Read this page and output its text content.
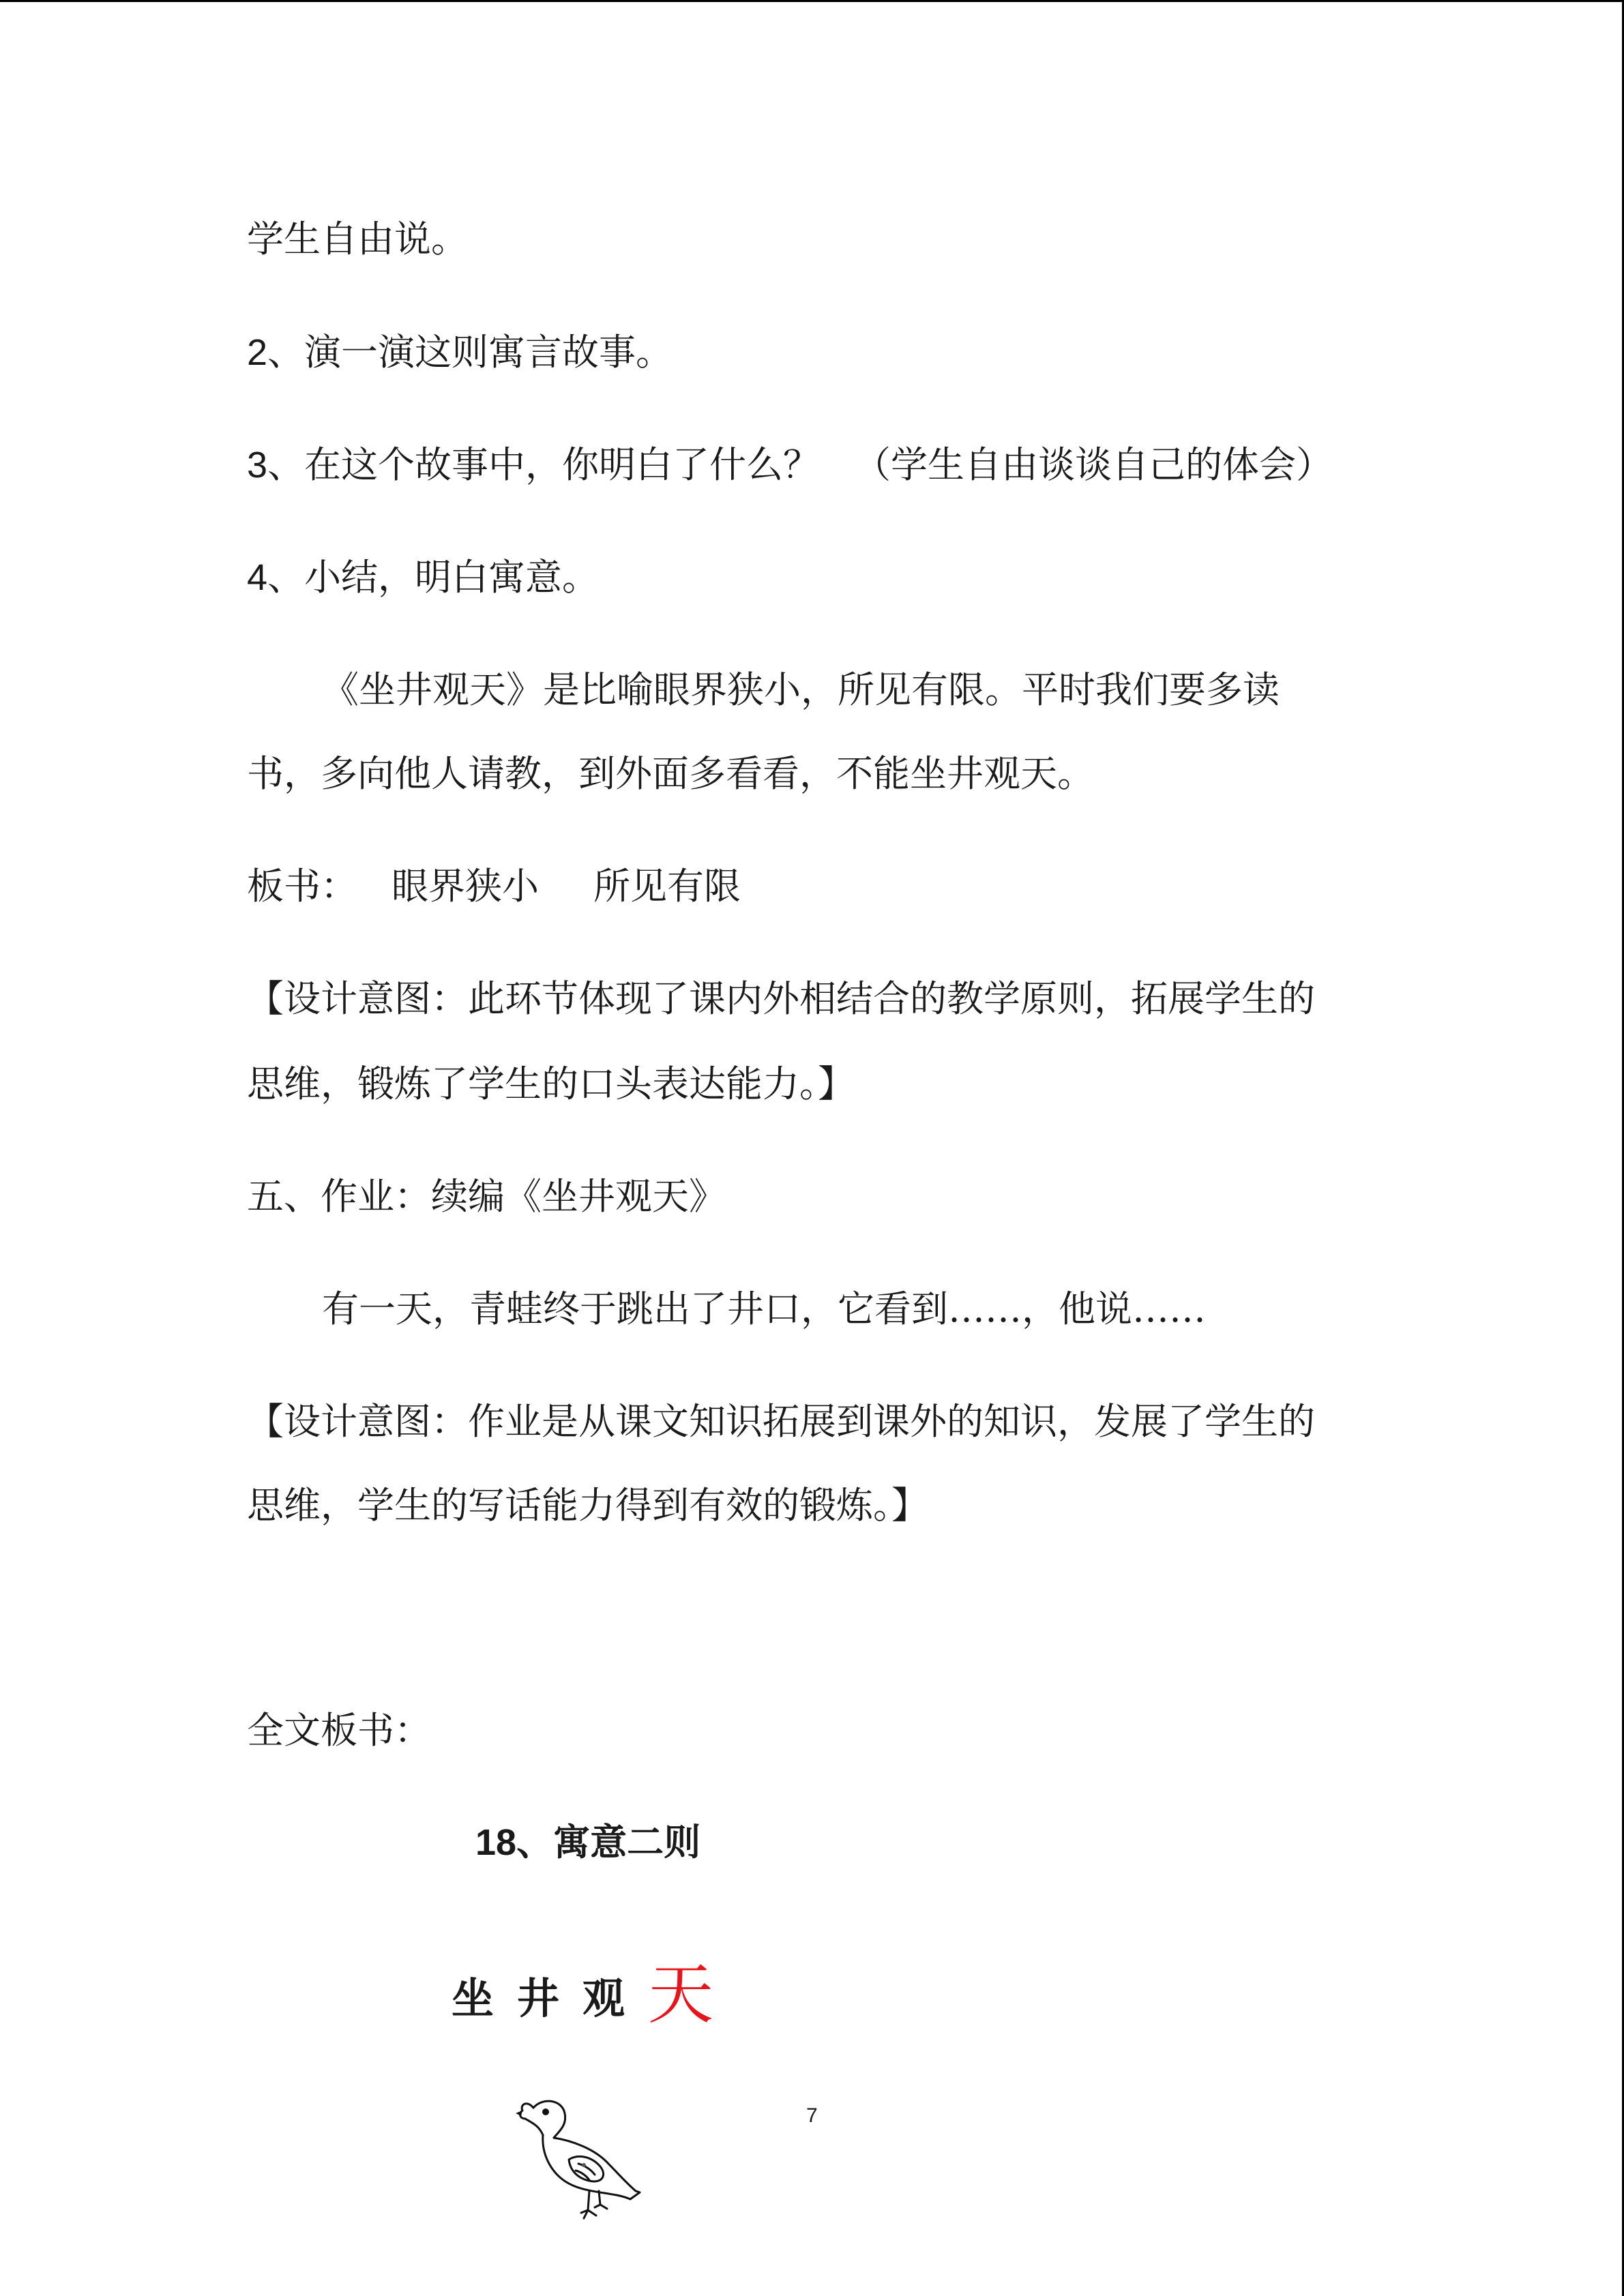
学生自由说。
2、演一演这则寓言故事。
3、在这个故事中，你明白了什么？ （学生自由谈谈自己的体会）
4、小结，明白寓意。
《坐井观天》是比喻眼界狭小，所见有限。平时我们要多读
书，多向他人请教，到外面多看看，不能坐井观天。
板书： 眼界狭小 所见有限
【设计意图：此环节体现了课内外相结合的教学原则，拓展学生的
思维，锻炼了学生的口头表达能力。】
五、作业：续编《坐井观天》
有一天，青蛙终于跳出了井口，它看到……，他说……
【设计意图：作业是从课文知识拓展到课外的知识，发展了学生的
思维，学生的写话能力得到有效的锻炼。】
全文板书：
18、寓意二则
坐 井 观 天
7
